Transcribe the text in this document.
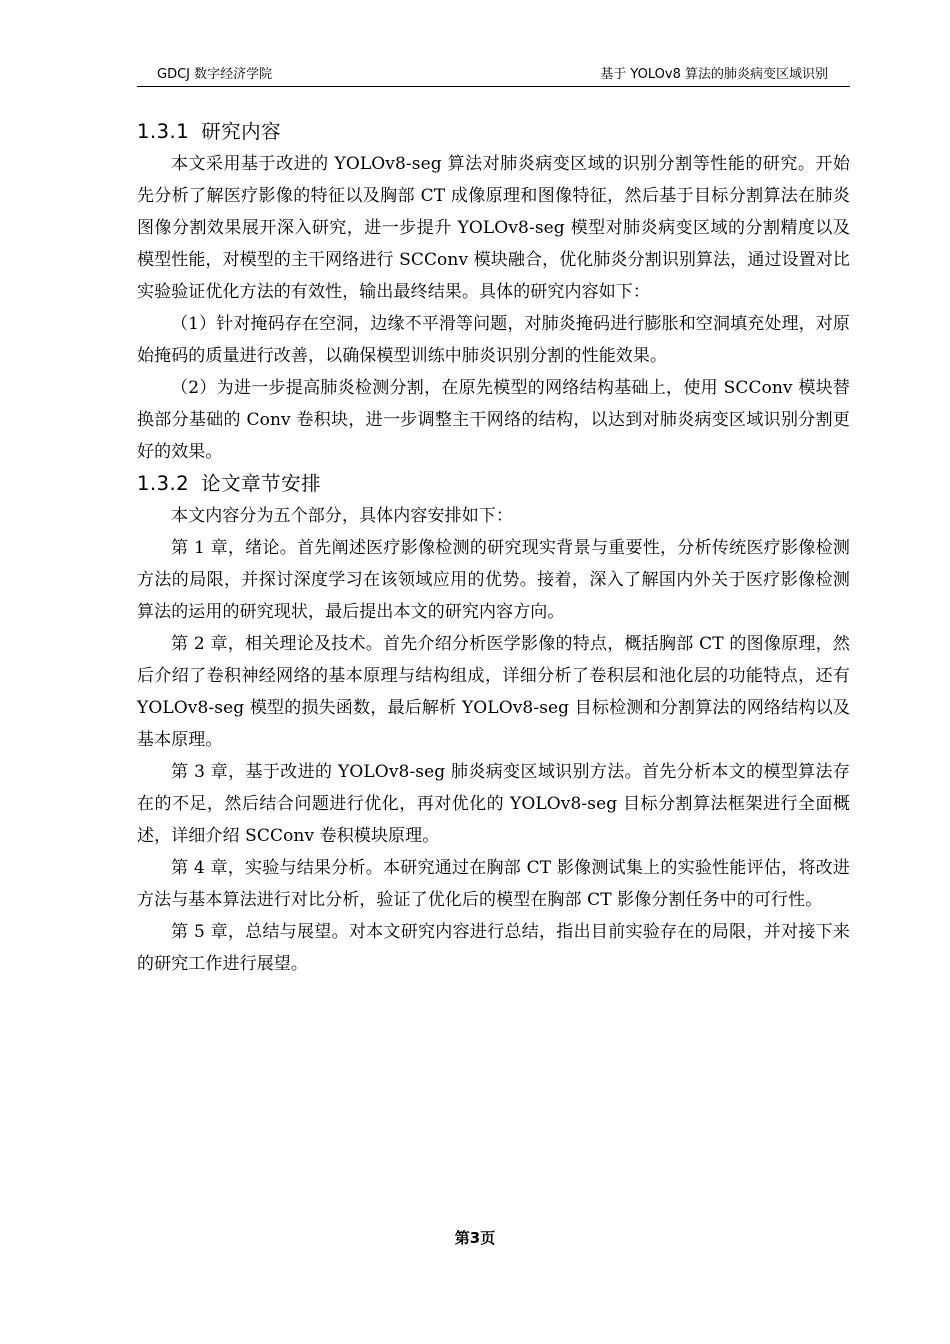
GDCJ 数字经济学院	基于 YOLOv8 算法的肺炎病变区域识别
1.3.1 研究内容

本文采用基于改进的 YOLOv8-seg 算法对肺炎病变区域的识别分割等性能的研究。开始先分析了解医疗影像的特征以及胸部 CT 成像原理和图像特征，然后基于目标分割算法在肺炎图像分割效果展开深入研究，进一步提升 YOLOv8-seg 模型对肺炎病变区域的分割精度以及模型性能，对模型的主干网络进行 SCConv 模块融合，优化肺炎分割识别算法，通过设置对比实验验证优化方法的有效性，输出最终结果。具体的研究内容如下：

（1）针对掩码存在空洞，边缘不平滑等问题，对肺炎掩码进行膨胀和空洞填充处理，对原始掩码的质量进行改善，以确保模型训练中肺炎识别分割的性能效果。

（2）为进一步提高肺炎检测分割，在原先模型的网络结构基础上，使用 SCConv 模块替换部分基础的 Conv 卷积块，进一步调整主干网络的结构，以达到对肺炎病变区域识别分割更好的效果。

1.3.2 论文章节安排

本文内容分为五个部分，具体内容安排如下：

第 1 章，绪论。首先阐述医疗影像检测的研究现实背景与重要性，分析传统医疗影像检测方法的局限，并探讨深度学习在该领域应用的优势。接着，深入了解国内外关于医疗影像检测算法的运用的研究现状，最后提出本文的研究内容方向。

第 2 章，相关理论及技术。首先介绍分析医学影像的特点，概括胸部 CT 的图像原理，然后介绍了卷积神经网络的基本原理与结构组成，详细分析了卷积层和池化层的功能特点，还有 YOLOv8-seg 模型的损失函数，最后解析 YOLOv8-seg 目标检测和分割算法的网络结构以及基本原理。

第 3 章，基于改进的 YOLOv8-seg 肺炎病变区域识别方法。首先分析本文的模型算法存在的不足，然后结合问题进行优化，再对优化的 YOLOv8-seg 目标分割算法框架进行全面概述，详细介绍 SCConv 卷积模块原理。

第 4 章，实验与结果分析。本研究通过在胸部 CT 影像测试集上的实验性能评估，将改进方法与基本算法进行对比分析，验证了优化后的模型在胸部 CT 影像分割任务中的可行性。

第 5 章，总结与展望。对本文研究内容进行总结，指出目前实验存在的局限，并对接下来的研究工作进行展望。

第3页
